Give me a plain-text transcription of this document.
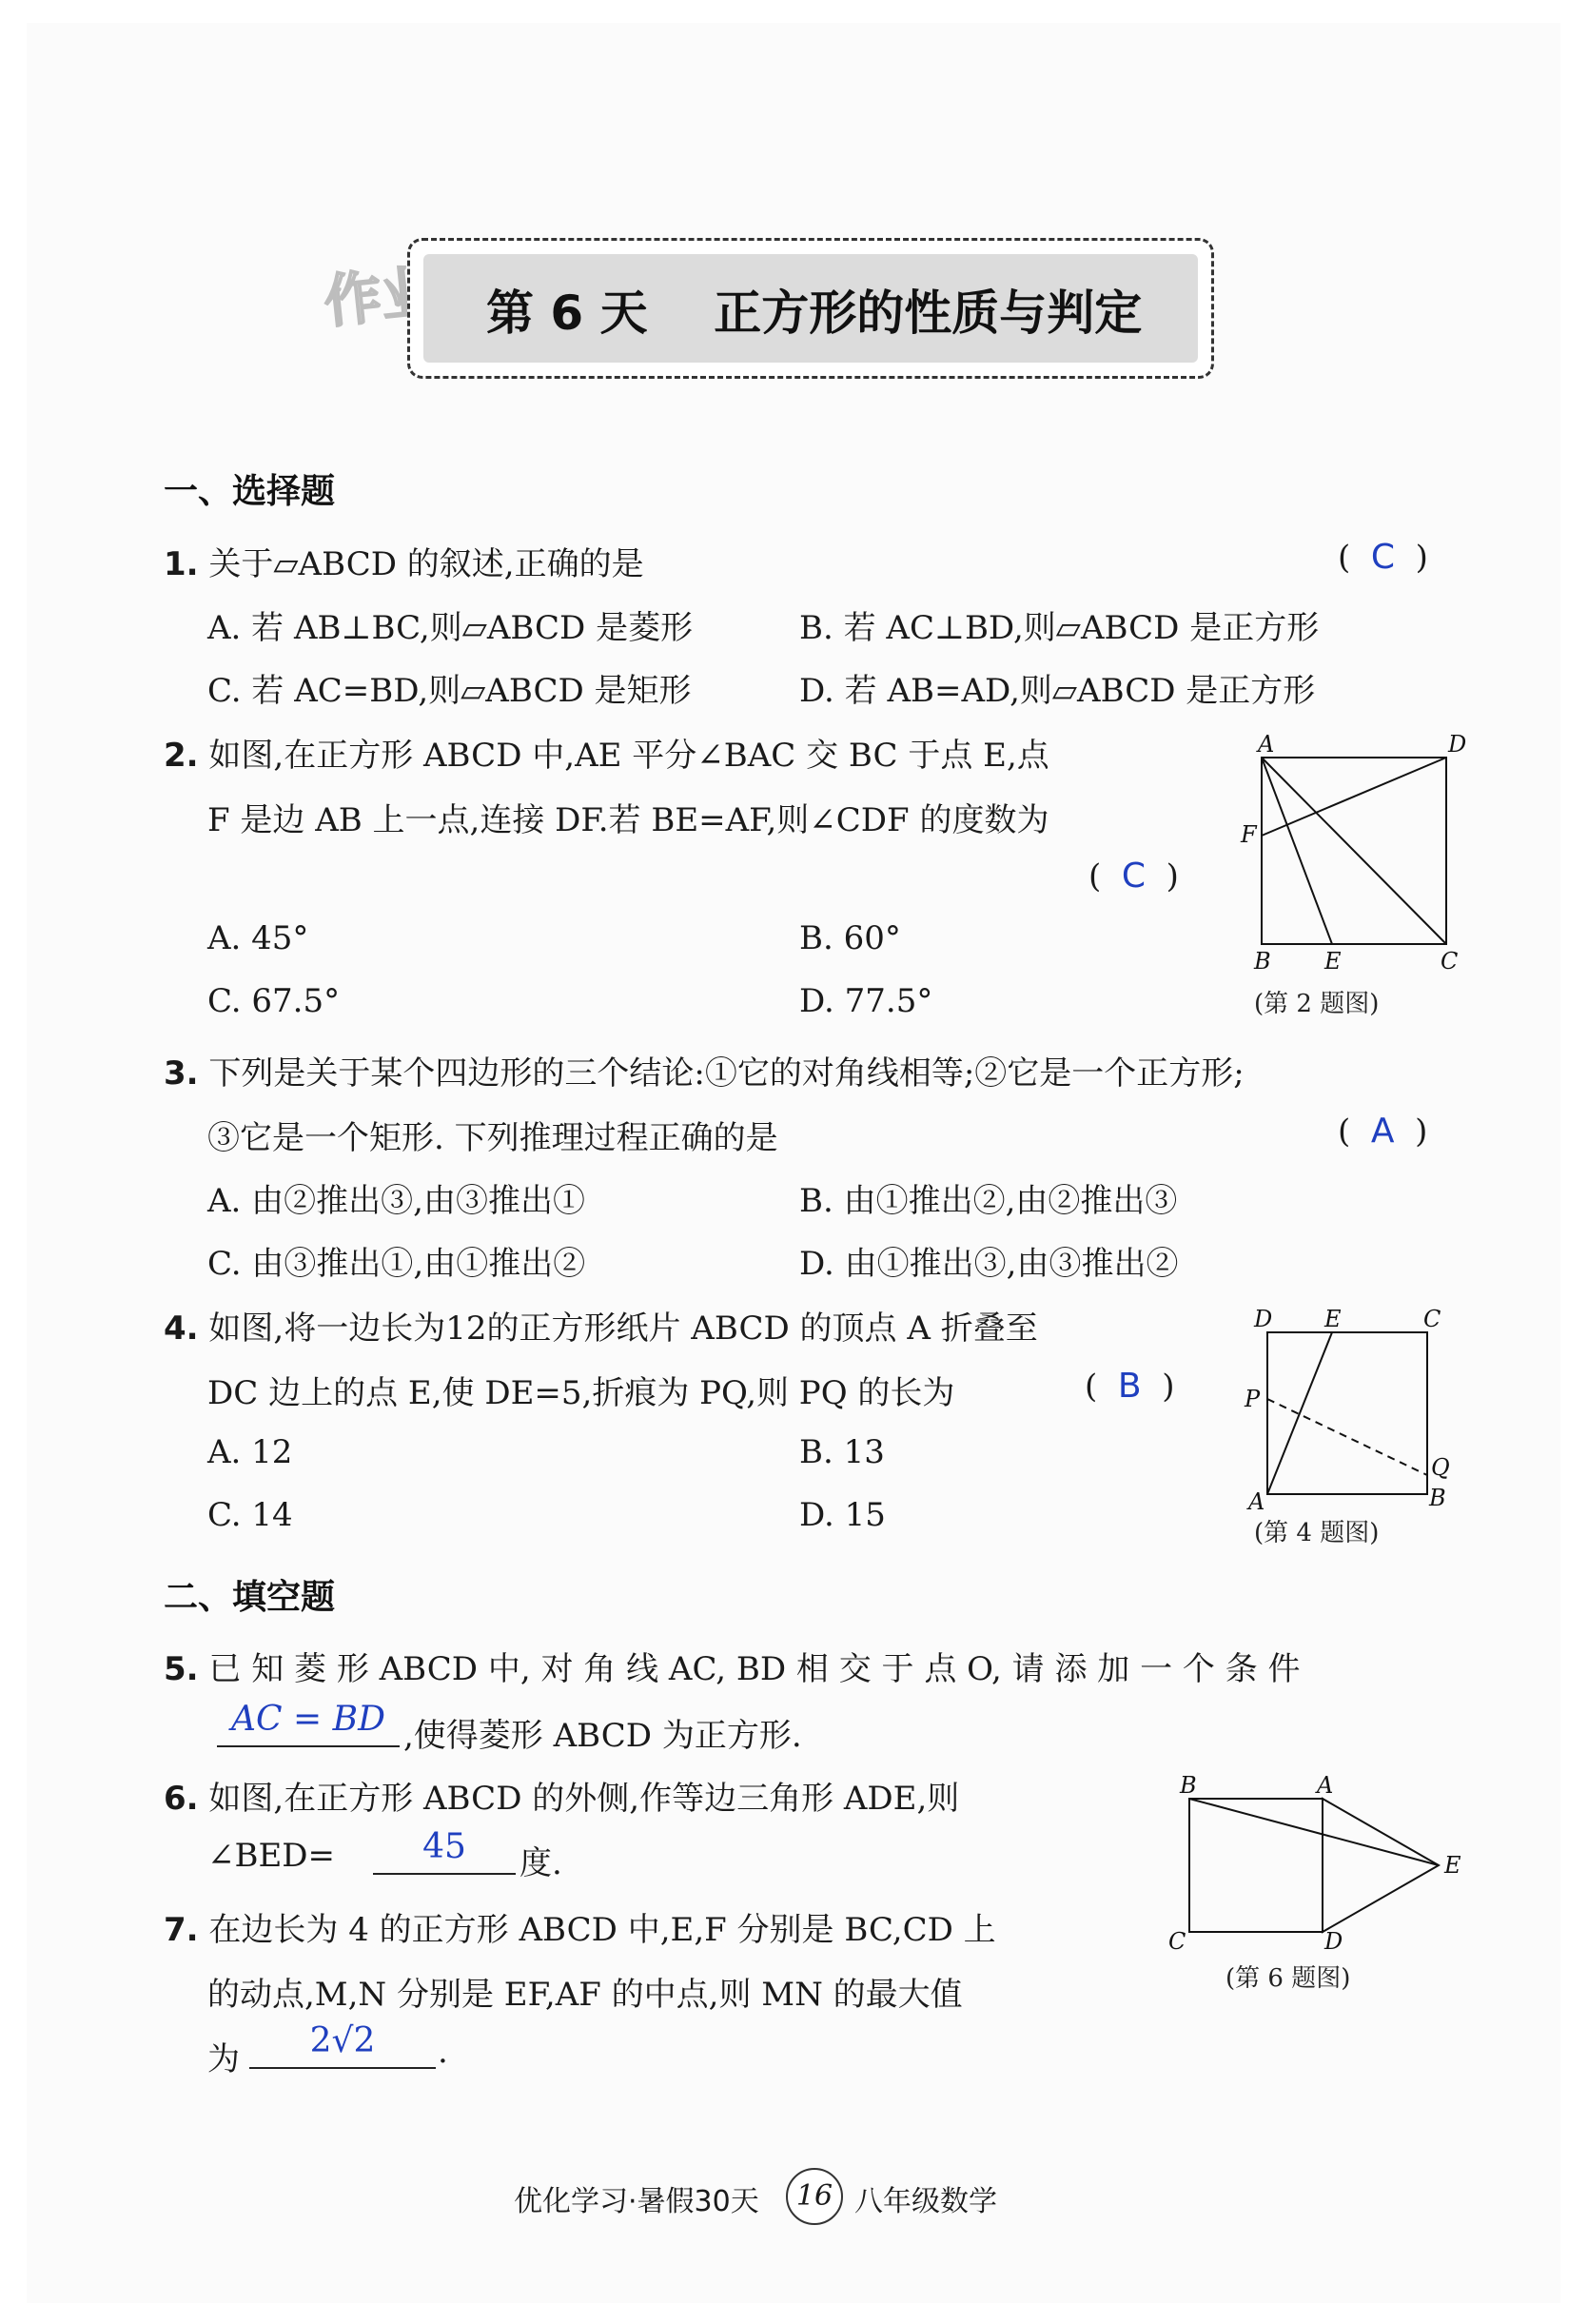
第 6 天    正方形的性质与判定
一、选择题
1. 关于▱ABCD 的叙述,正确的是	(  C  )
A. 若 AB⊥BC,则▱ABCD 是菱形	B. 若 AC⊥BD,则▱ABCD 是正方形
C. 若 AC=BD,则▱ABCD 是矩形	D. 若 AB=AD,则▱ABCD 是正方形
2. 如图,在正方形 ABCD 中,AE 平分∠BAC 交 BC 于点 E,点
F 是边 AB 上一点,连接 DF.若 BE=AF,则∠CDF 的度数为
(  C  )
A. 45°	B. 60°
C. 67.5°	D. 77.5°
A	D
F
B E	C
(第 2 题图)
3. 下列是关于某个四边形的三个结论:①它的对角线相等;②它是一个正方形;
③它是一个矩形. 下列推理过程正确的是	(  A  )
A. 由②推出③,由③推出①	B. 由①推出②,由②推出③
C. 由③推出①,由①推出②	D. 由①推出③,由③推出②
4. 如图,将一边长为12的正方形纸片 ABCD 的顶点 A 折叠至
DC 边上的点 E,使 DE=5,折痕为 PQ,则 PQ 的长为	(  B  )
A. 12	B. 13
C. 14	D. 15
D E	C
P
Q
A	B
(第 4 题图)
二、填空题
5. 已 知 菱 形 ABCD 中, 对 角 线 AC, BD 相 交 于 点 O, 请 添 加 一 个 条 件
AC = BD ,使得菱形 ABCD 为正方形.
6. 如图,在正方形 ABCD 的外侧,作等边三角形 ADE,则
∠BED=	45	度.
B	A
E
D
C
(第 6 题图)
7. 在边长为 4 的正方形 ABCD 中,E,F 分别是 BC,CD 上
的动点,M,N 分别是 EF,AF 的中点,则 MN 的最大值
为	2√2	.
优化学习·暑假30天	16 八年级数学
